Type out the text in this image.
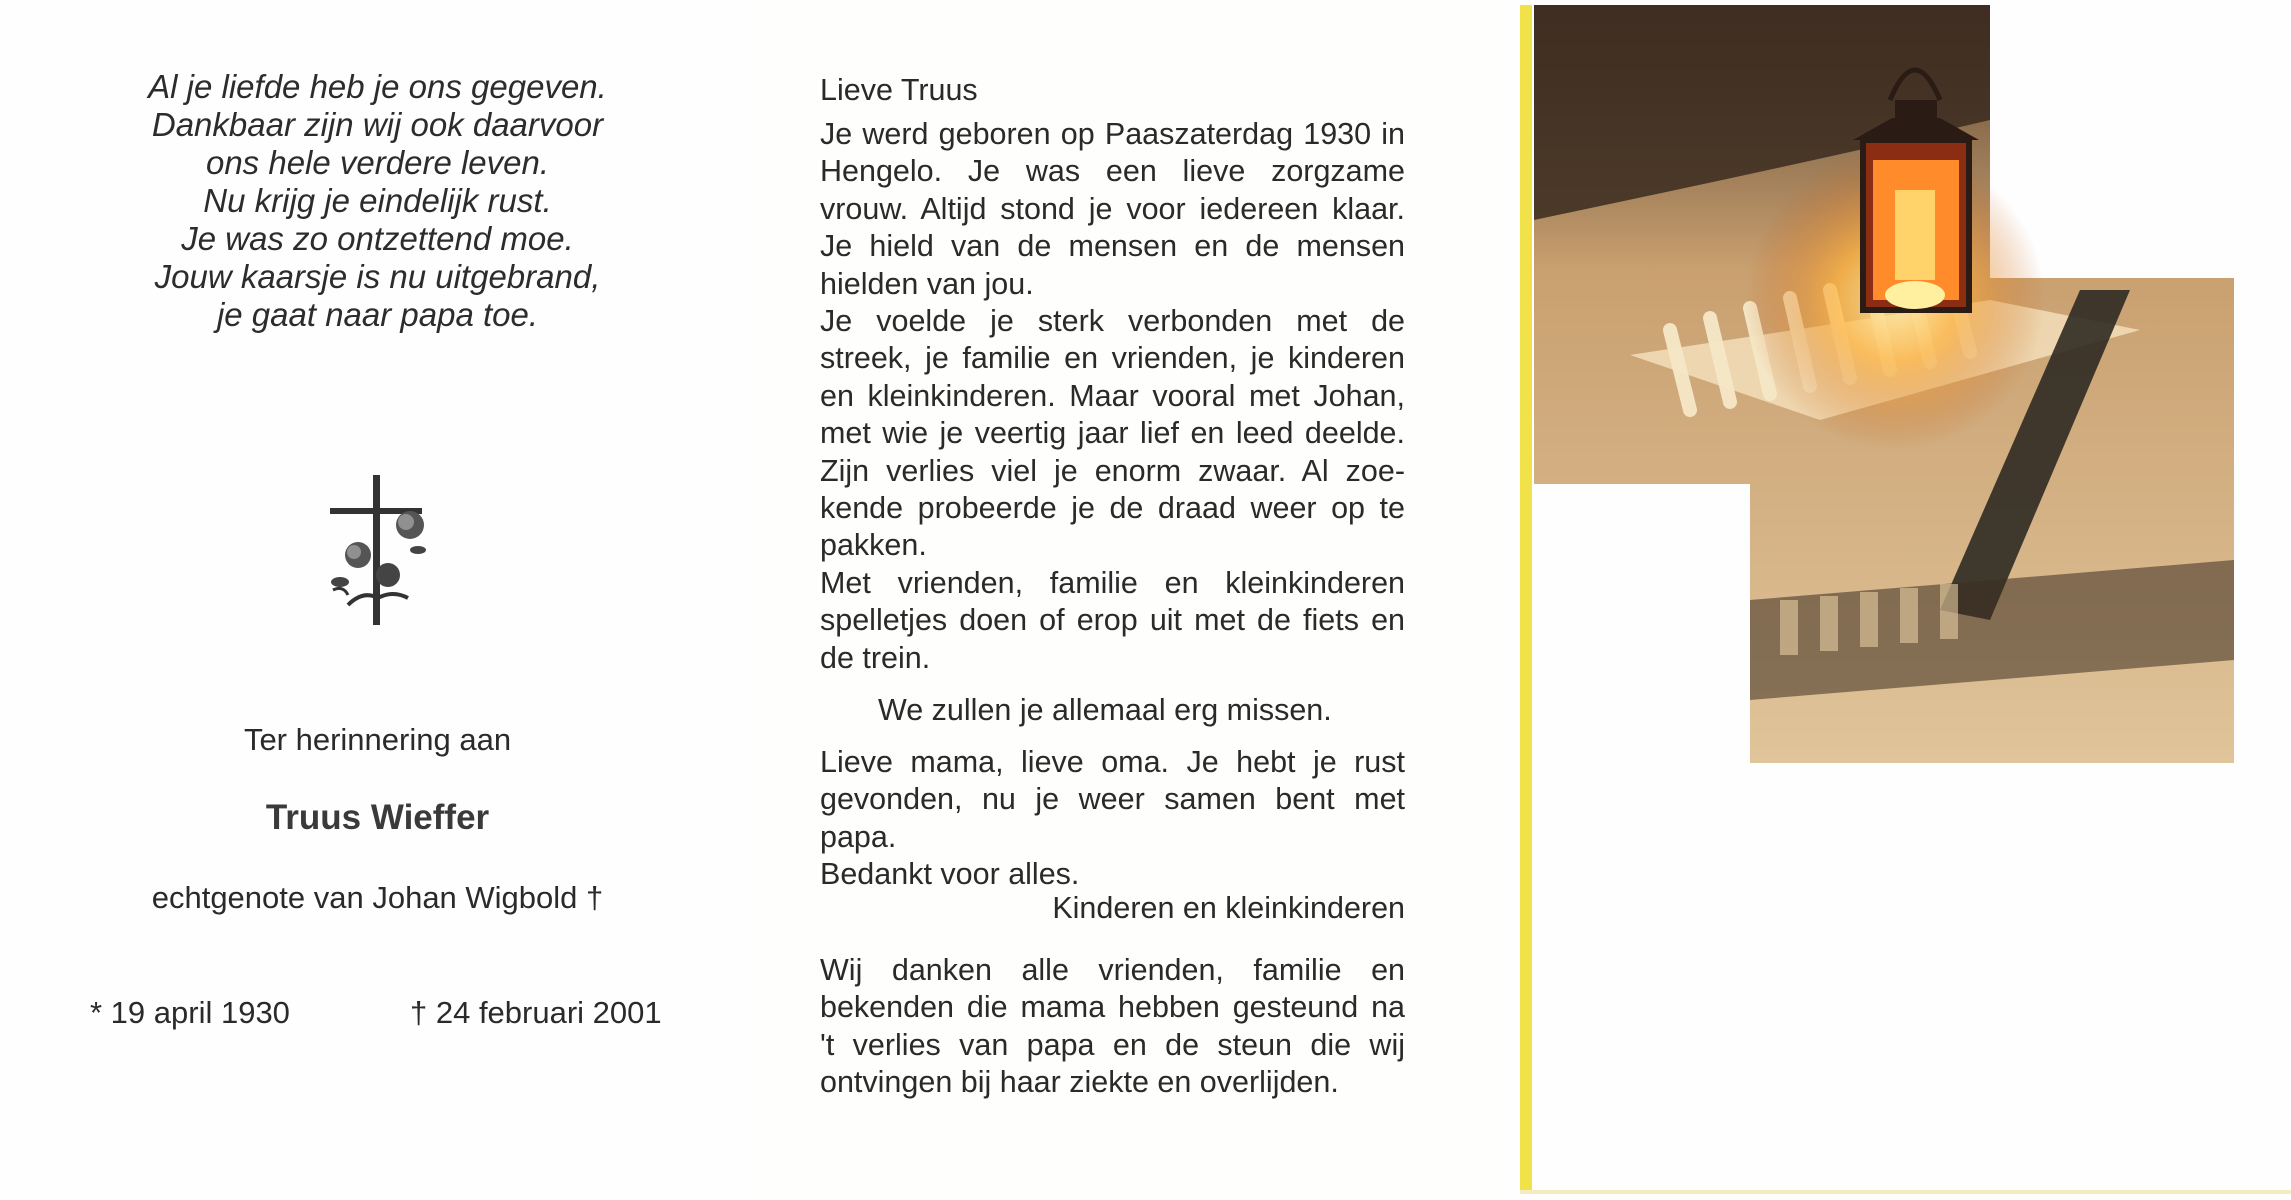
Al je liefde heb je ons gegeven.
Dankbaar zijn wij ook daarvoor
ons hele verdere leven.
Nu krijg je eindelijk rust.
Je was zo ontzettend moe.
Jouw kaarsje is nu uitgebrand,
je gaat naar papa toe.
Ter herinnering aan
Truus Wieffer
echtgenote van Johan Wigbold †
* 19 april 1930	† 24 februari 2001

Lieve Truus

Je werd geboren op Paaszaterdag 1930 in Hengelo. Je was een lieve zorgzame vrouw. Altijd stond je voor iedereen klaar. Je hield van de mensen en de mensen hielden van jou.

Je voelde je sterk verbonden met de streek, je familie en vrienden, je kinderen en kleinkinderen. Maar vooral met Johan, met wie je veertig jaar lief en leed deelde. Zijn verlies viel je enorm zwaar. Al zoe-kende probeerde je de draad weer op te pakken.

Met vrienden, familie en kleinkinderen spelletjes doen of erop uit met de fiets en de trein.

We zullen je allemaal erg missen.

Lieve mama, lieve oma. Je hebt je rust gevonden, nu je weer samen bent met papa.

Bedankt voor alles.

Kinderen en kleinkinderen

Wij danken alle vrienden, familie en bekenden die mama hebben gesteund na 't verlies van papa en de steun die wij ontvingen bij haar ziekte en overlijden.
